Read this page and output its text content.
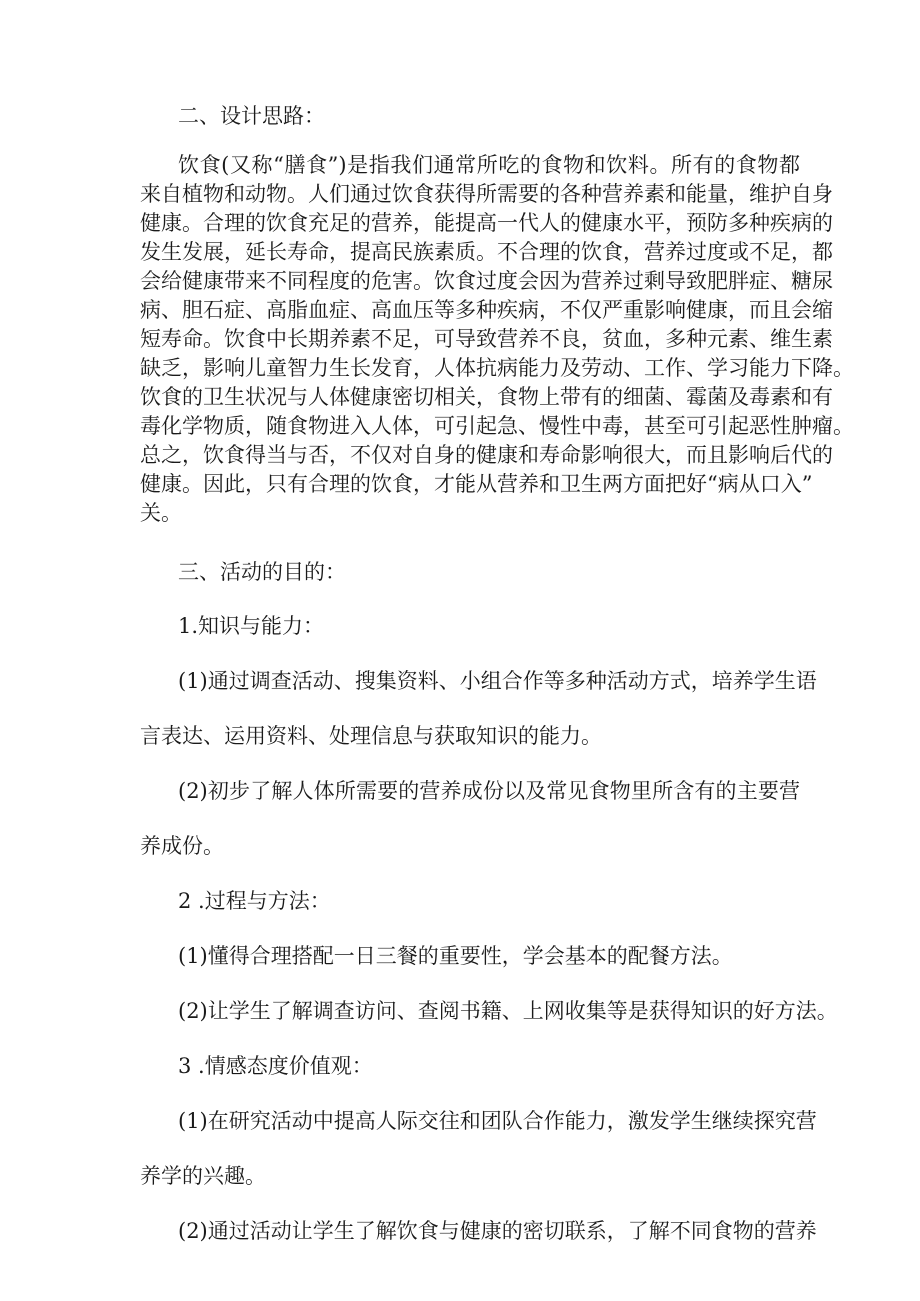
二、设计思路：

饮食(又称“膳食”)是指我们通常所吃的食物和饮料。所有的食物都

来自植物和动物。人们通过饮食获得所需要的各种营养素和能量，维护自身

健康。合理的饮食充足的营养，能提高一代人的健康水平，预防多种疾病的

发生发展，延长寿命，提高民族素质。不合理的饮食，营养过度或不足，都

会给健康带来不同程度的危害。饮食过度会因为营养过剩导致肥胖症、糖尿

病、胆石症、高脂血症、高血压等多种疾病，不仅严重影响健康，而且会缩

短寿命。饮食中长期养素不足，可导致营养不良，贫血，多种元素、维生素

缺乏，影响儿童智力生长发育，人体抗病能力及劳动、工作、学习能力下降。

饮食的卫生状况与人体健康密切相关，食物上带有的细菌、霉菌及毒素和有

毒化学物质，随食物进入人体，可引起急、慢性中毒，甚至可引起恶性肿瘤。

总之，饮食得当与否，不仅对自身的健康和寿命影响很大，而且影响后代的

健康。因此，只有合理的饮食，才能从营养和卫生两方面把好“病从口入”

关。

三、活动的目的：

1.知识与能力：

(1)通过调查活动、搜集资料、小组合作等多种活动方式，培养学生语

言表达、运用资料、处理信息与获取知识的能力。

(2)初步了解人体所需要的营养成份以及常见食物里所含有的主要营

养成份。

2 .过程与方法：

(1)懂得合理搭配一日三餐的重要性，学会基本的配餐方法。

(2)让学生了解调查访问、查阅书籍、上网收集等是获得知识的好方法。

3 .情感态度价值观：

(1)在研究活动中提高人际交往和团队合作能力，激发学生继续探究营

养学的兴趣。

(2)通过活动让学生了解饮食与健康的密切联系，了解不同食物的营养
